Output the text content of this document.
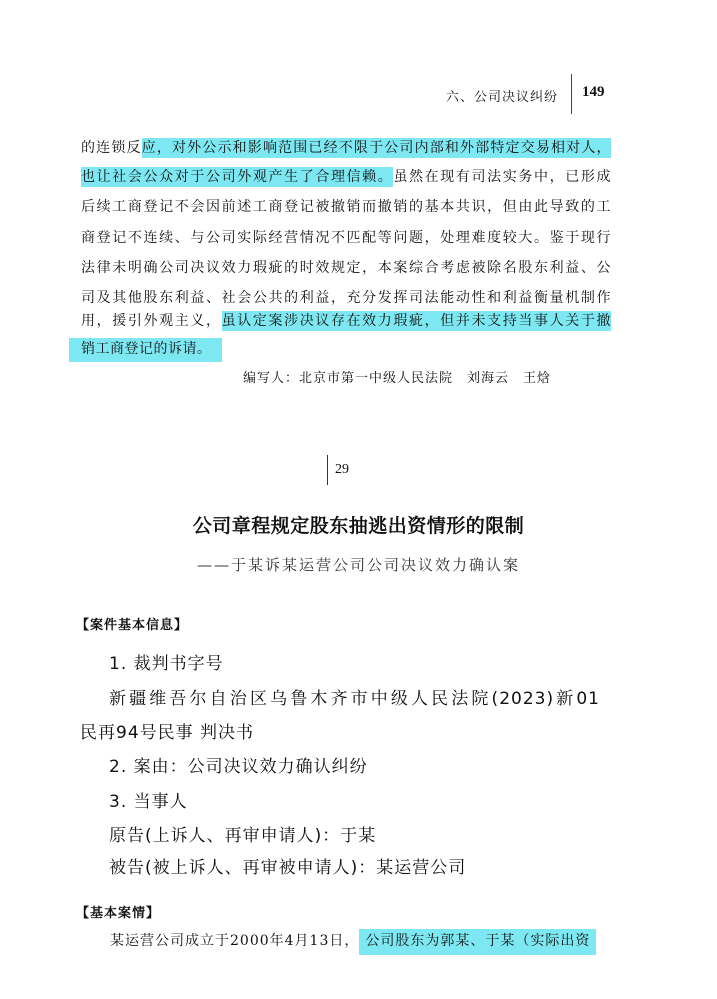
六、公司决议纠纷 149
的连锁反应，对外公示和影响范围已经不限于公司内部和外部特定交易相对人，
也让社会公众对于公司外观产生了合理信赖。虽然在现有司法实务中，已形成
后续工商登记不会因前述工商登记被撤销而撤销的基本共识，但由此导致的工
商登记不连续、与公司实际经营情况不匹配等问题，处理难度较大。鉴于现行
法律未明确公司决议效力瑕疵的时效规定，本案综合考虑被除名股东利益、公
司及其他股东利益、社会公共的利益，充分发挥司法能动性和利益衡量机制作
用，援引外观主义，虽认定案涉决议存在效力瑕疵，但并未支持当事人关于撤
销工商登记的诉请。
编写人：北京市第一中级人民法院　刘海云　王焓
29
公司章程规定股东抽逃出资情形的限制
——于某诉某运营公司公司决议效力确认案
【案件基本信息】
1. 裁判书字号
新疆维吾尔自治区乌鲁木齐市中级人民法院(2023)新01
民再94号民事 判决书
2. 案由：公司决议效力确认纠纷
3. 当事人
原告(上诉人、再审申请人)：于某
被告(被上诉人、再审被申请人)：某运营公司
【基本案情】
某运营公司成立于2000年4月13日， 公司股东为郭某、于某（实际出资
